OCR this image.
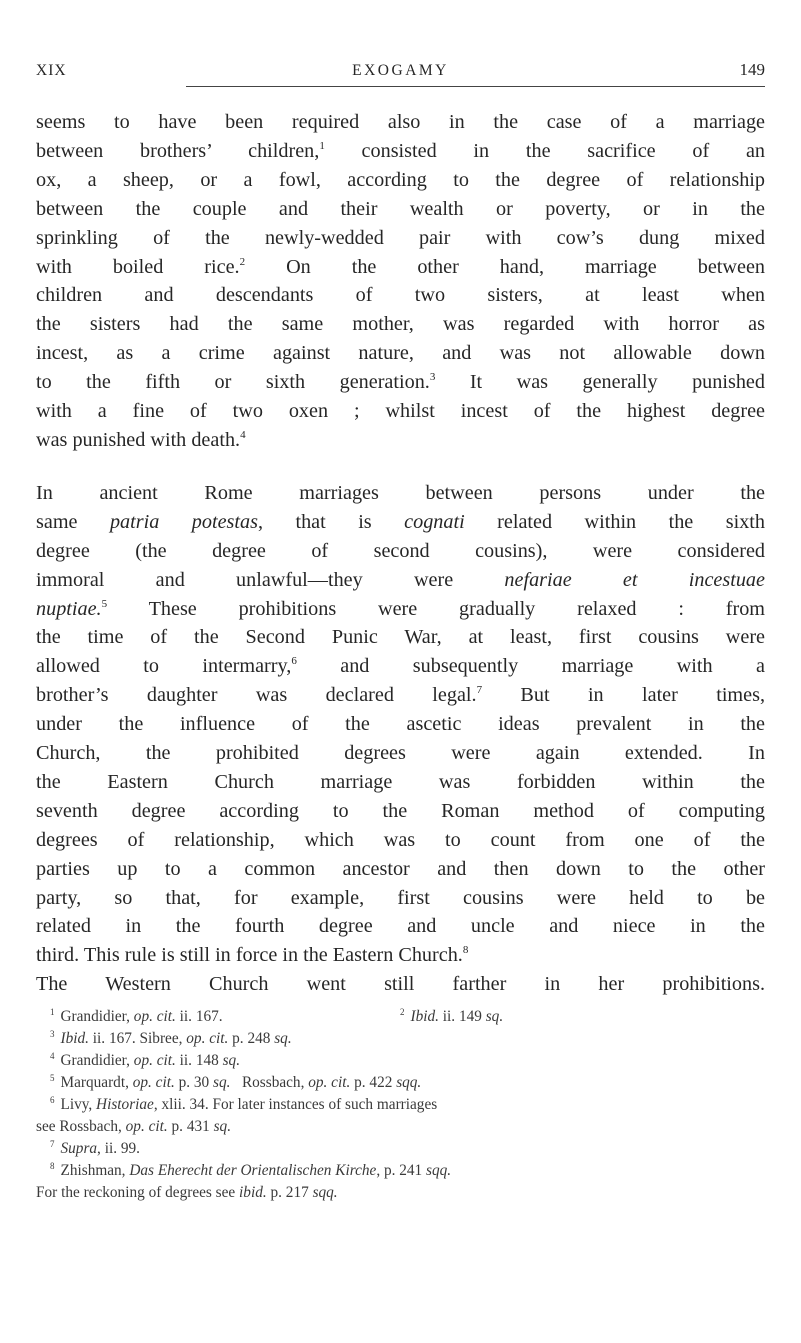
XIX	EXOGAMY	149

seems to have been required also in the case of a marriage
between brothers’ children,$^1$ consisted in the sacrifice of an
ox, a sheep, or a fowl, according to the degree of relationship
between the couple and their wealth or poverty, or in the
sprinkling of the newly-wedded pair with cow’s dung mixed
with boiled rice.$^2$ On the other hand, marriage between
children and descendants of two sisters, at least when
the sisters had the same mother, was regarded with horror as
incest, as a crime against nature, and was not allowable down
to the fifth or sixth generation.$^3$ It was generally punished
with a fine of two oxen ; whilst incest of the highest degree
was punished with death.$^4$

In ancient Rome marriages between persons under the
same patria potestas, that is cognati related within the sixth
degree (the degree of second cousins), were considered
immoral and unlawful—they were nefariae et incestuae
nuptiae.$^5$ These prohibitions were gradually relaxed : from
the time of the Second Punic War, at least, first cousins were
allowed to intermarry,$^6$ and subsequently marriage with a
brother’s daughter was declared legal.$^7$ But in later times,
under the influence of the ascetic ideas prevalent in the
Church, the prohibited degrees were again extended. In
the Eastern Church marriage was forbidden within the
seventh degree according to the Roman method of computing
degrees of relationship, which was to count from one of the
parties up to a common ancestor and then down to the other
party, so that, for example, first cousins were held to be
related in the fourth degree and uncle and niece in the
third. This rule is still in force in the Eastern Church.$^8$
The Western Church went still farther in her prohibitions.

$^1$ Grandidier, op. cit. ii. 167.	$^2$ Ibid. ii. 149 sq.
$^3$ Ibid. ii. 167. Sibree, op. cit. p. 248 sq.
$^4$ Grandidier, op. cit. ii. 148 sq.
$^5$ Marquardt, op. cit. p. 30 sq.   Rossbach, op. cit. p. 422 sqq.
$^6$ Livy, Historiae, xlii. 34. For later instances of such marriages
see Rossbach, op. cit. p. 431 sq.
$^7$ Supra, ii. 99.
$^8$ Zhishman, Das Eherecht der Orientalischen Kirche, p. 241 sqq.
For the reckoning of degrees see ibid. p. 217 sqq.
